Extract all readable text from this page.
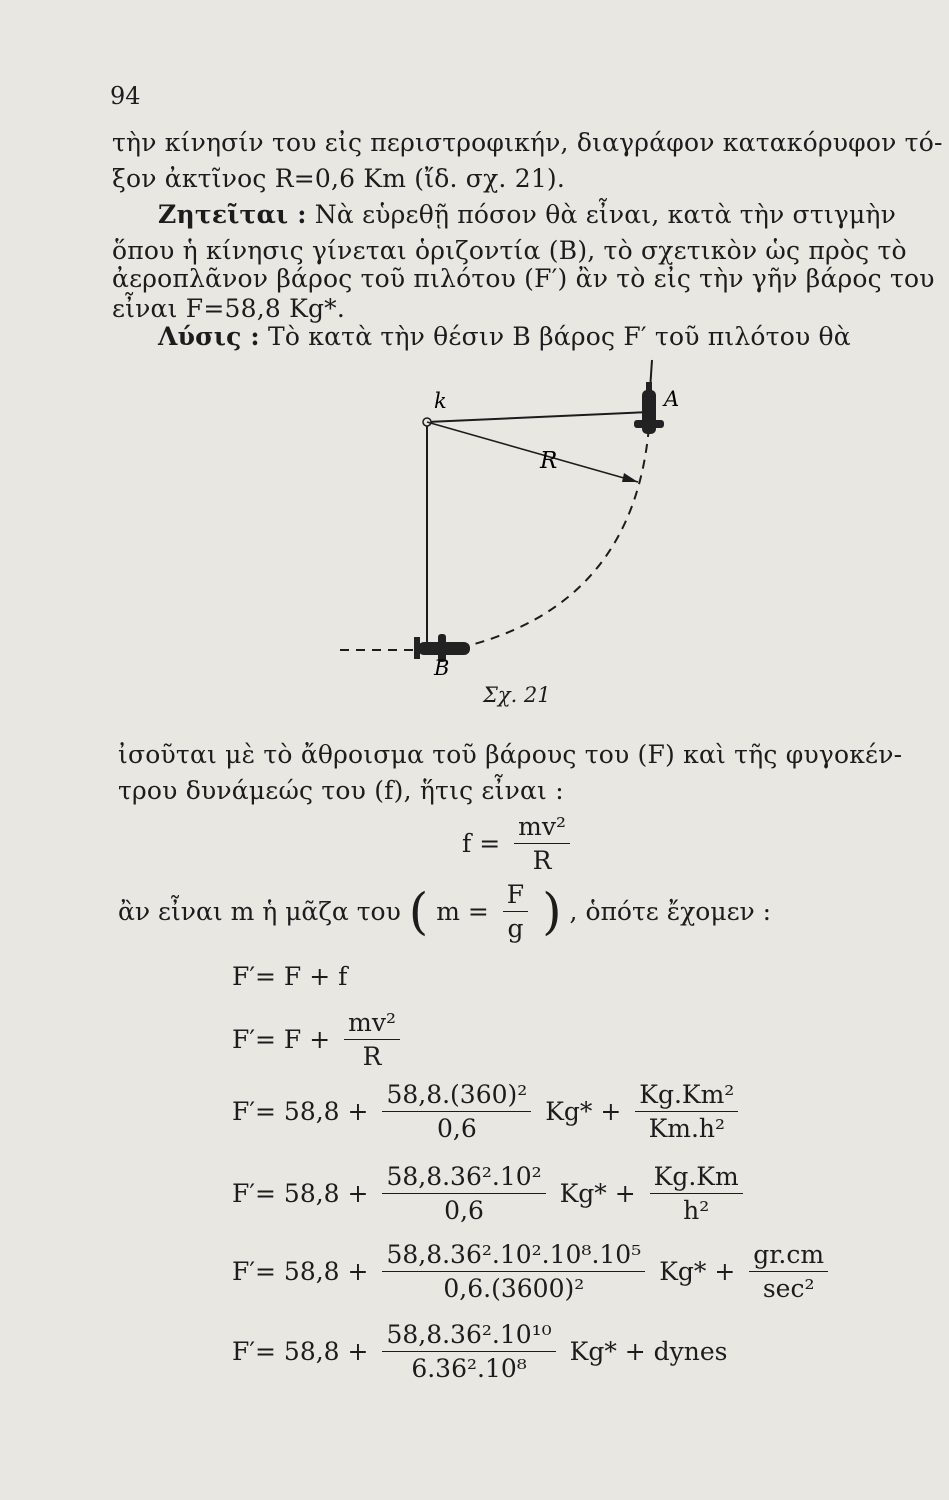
94
τὴν κίνησίν του εἰς περιστροφικήν, διαγράφον κατακόρυφον τό-
ξον ἀκτῖνος R=0,6 Km (ἴδ. σχ. 21).
Ζητεῖται : Νὰ εὑρεθῇ πόσον θὰ εἶναι, κατὰ τὴν στιγμὴν
ὅπου ἡ κίνησις γίνεται ὁριζοντία (B), τὸ σχετικὸν ὡς πρὸς τὸ
ἀεροπλᾶνον βάρος τοῦ πιλότου (F′) ἂν τὸ εἰς τὴν γῆν βάρος του
εἶναι F=58,8 Kg*.
Λύσις : Τὸ κατὰ τὴν θέσιν B βάρος F′ τοῦ πιλότου θὰ
k	A
B
R
Σχ. 21
ἰσοῦται μὲ τὸ ἄθροισμα τοῦ βάρους του (F) καὶ τῆς φυγοκέν-
τρου δυνάμεώς του (f), ἥτις εἶναι :
$f = \frac{\text{mv²}}{R}$
ἂν εἶναι m ἡ μᾶζα του ( $m = \frac{F}{g}$ ) , ὁπότε ἔχομεν :
F′= F + f
$F'= F + \frac{\text{mv²}}{R}$
$F'= 58,8 + \frac{\text{58,8.(360)²}}{0,6} Kg* + \frac{\text{Kg.Km²}}{\text{Km.h²}}$
$F'= 58,8 + \frac{\text{58,8.36².10²}}{0,6} Kg* + \frac{Kg.Km}{\text{h²}}$
$F'= 58,8 + \frac{\text{58,8.36².10².10⁸.10⁵}}{\text{0,6.(3600)²}} Kg* + \frac{gr.cm}{\text{sec²}}$
$F'= 58,8 + \frac{\text{58,8.36².10¹⁰}}{\text{6.36².10⁸}} Kg*$ + dynes
